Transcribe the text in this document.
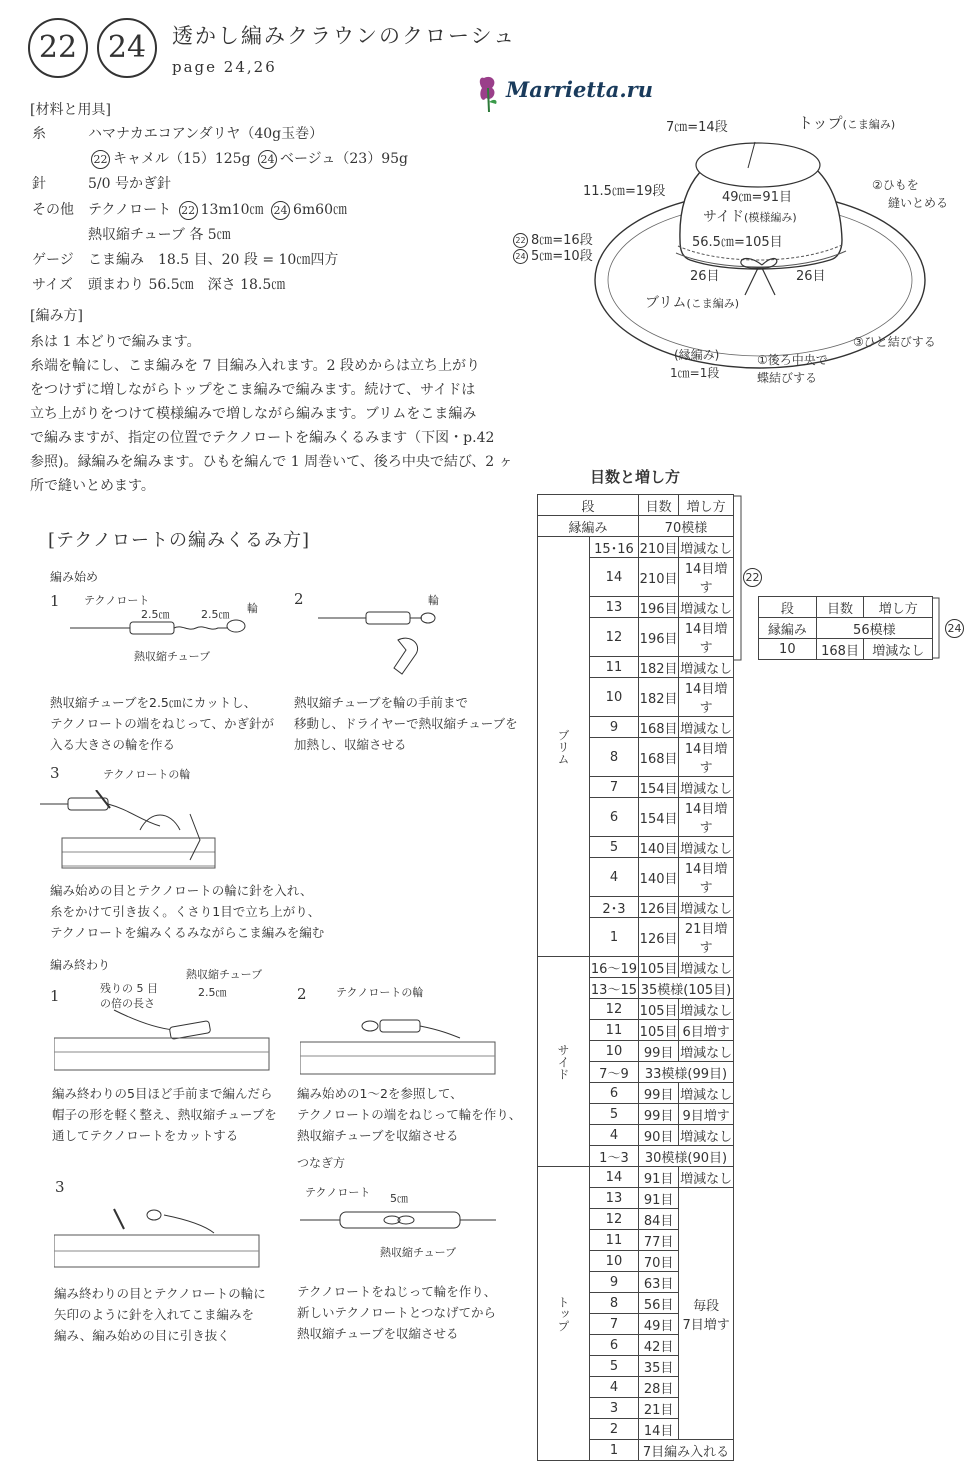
22	24	透かし編みクラウンのクローシュ
page 24,26
Marrietta.ru
[材料と用具]
糸	ハマナカエコアンダリヤ（40g玉巻）
22 キャメル（15）125g 24 ベージュ（23）95g
針	5/0 号かぎ針
その他 テクノロート 22 13m10㎝ 24 6m60㎝
熱収縮チューブ 各 5㎝
ゲージ こま編み　18.5 目、20 段 = 10㎝四方
サイズ 頭まわり 56.5㎝　深さ 18.5㎝
[編み方]

糸は 1 本どりで編みます。

糸端を輪にし、こま編みを 7 目編み入れます。2 段めからは立ち上がり

をつけずに増しながらトップをこま編みで編みます。続けて、サイドは

立ち上がりをつけて模様編みで増しながら編みます。ブリムをこま編み

で編みますが、指定の位置でテクノロートを編みくるみます（下図・p.42

参照)。縁編みを編みます。ひもを編んで 1 周巻いて、後ろ中央で結び、2 ヶ

所で縫いとめます。

7㎝=14段	トップ(こま編み)
11.5㎝=19段	49㎝=91目
サイド(模様編み)
56.5㎝=105目
22 8㎝=16段
24 5㎝=10段
26目	26目
ブリム(こま編み)
(縁編み)
1㎝=1段
②ひもを
縫いとめる
③ひと結びする
①後ろ中央で
蝶結びする
[テクノロートの編みくるみ方]
編み始め
1 テクノロート
2.5㎝	2.5㎝ 輪
熱収縮チューブ
熱収縮チューブを2.5㎝にカットし、
テクノロートの端をねじって、かぎ針が
入る大きさの輪を作る
2	輪
熱収縮チューブを輪の手前まで
移動し、ドライヤーで熱収縮チューブを
加熱し、収縮させる
3	テクノロートの輪
編み始めの目とテクノロートの輪に針を入れ、
糸をかけて引き抜く。くさり1目で立ち上がり、
テクノロートを編みくるみながらこま編みを編む
編み終わり
1	残りの 5 目
の倍の長さ
熱収縮チューブ
2.5㎝
編み終わりの5目ほど手前まで編んだら
帽子の形を軽く整え、熱収縮チューブを
通してテクノロートをカットする
2	テクノロートの輪
編み始めの1〜2を参照して、
テクノロートの端をねじって輪を作り、
熱収縮チューブを収縮させる
つなぎ方
テクノロート 5㎝
熱収縮チューブ
テクノロートをねじって輪を作り、
新しいテクノロートとつなげてから
熱収縮チューブを収縮させる
3
編み終わりの目とテクノロートの輪に
矢印のように針を入れてこま編みを
編み、編み始めの目に引き抜く
目数と増し方
段		目数	増し方
縁編み		70模様	
ブリム	15･16	210目	増減なし
	14	210目	14目増す
	13	196目	増減なし
	12	196目	14目増す
	11	182目	増減なし
	10	182目	14目増す
	9	168目	増減なし
	8	168目	14目増す
	7	154目	増減なし
	6	154目	14目増す
	5	140目	増減なし
	4	140目	14目増す
	2･3	126目	増減なし
	1	126目	21目増す
サイド	16〜19	105目	増減なし
	13〜15	35模様(105目)	
	12	105目	増減なし
	11	105目	6目増す
	10	99目	増減なし
	7〜9	33模様(99目)	
	6	99目	増減なし
	5	99目	9目増す
	4	90目	増減なし
	1〜3	30模様(90目)	
トップ	14	91目	増減なし
	13	91目	毎段
7目増す

	12	84目	
	11	77目	
	10	70目	
	9	63目	
	8	56目	
	7	49目	
	6	42目	
	5	35目	
	4	28目	
	3	21目	
	2	14目	
	1	7目編み入れる	
22
段	目数	増し方
縁編み	56模様	
10	168目	増減なし
24
